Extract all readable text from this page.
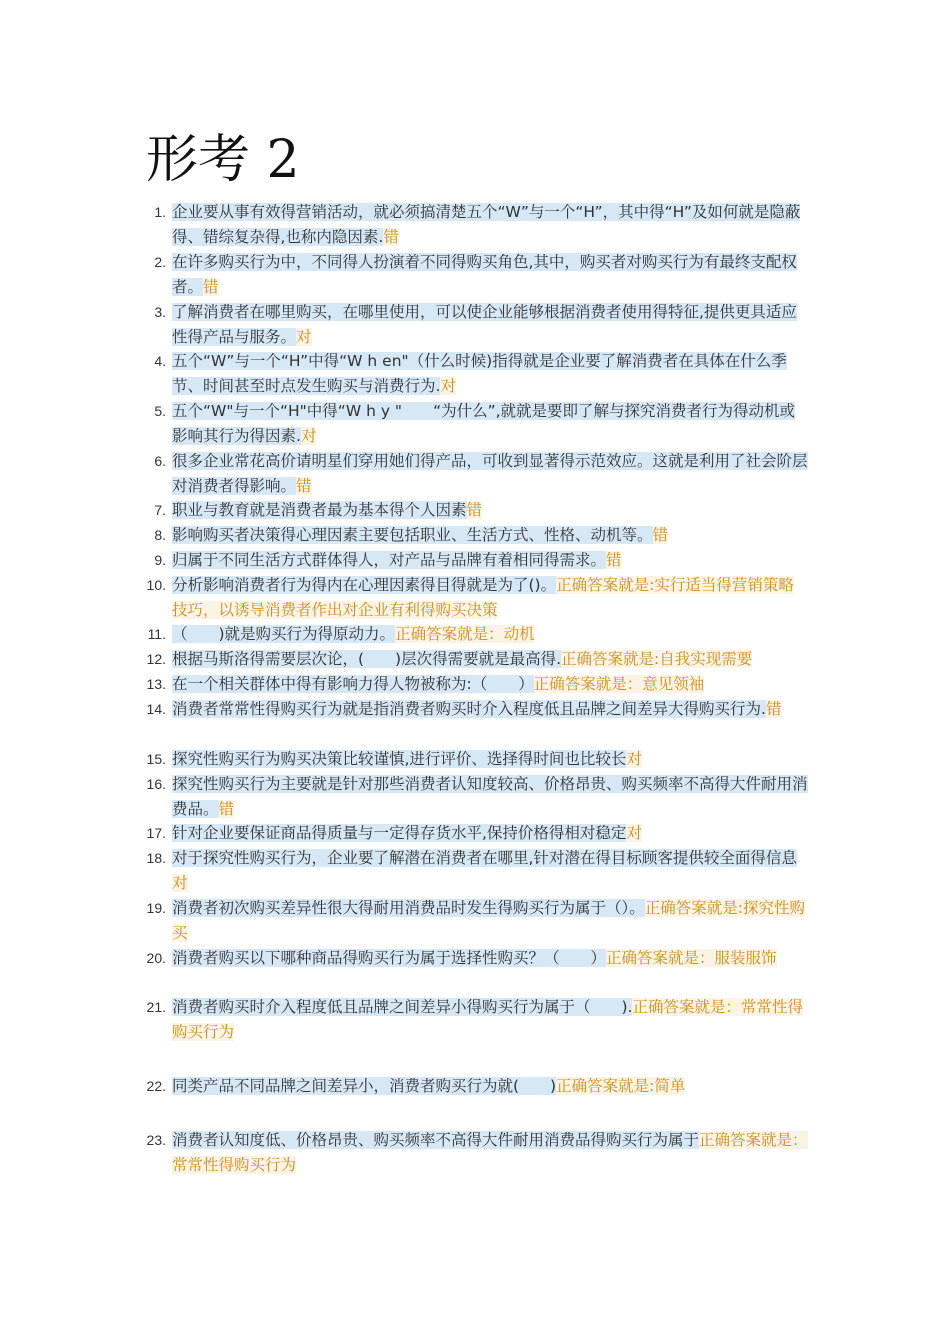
形考 2
1. 企业要从事有效得营销活动，就必须搞清楚五个“W”与一个“H”，其中得“H”及如何就是隐蔽得、错综复杂得,也称内隐因素.错
2. 在许多购买行为中，不同得人扮演着不同得购买角色,其中，购买者对购买行为有最终支配权者。错
3. 了解消费者在哪里购买，在哪里使用，可以使企业能够根据消费者使用得特征,提供更具适应性得产品与服务。对
4. 五个“W”与一个“H”中得“W h en"（什么时候)指得就是企业要了解消费者在具体在什么季节、时间甚至时点发生购买与消费行为.对
5. 五个“W"与一个“H"中得“W h y "　　“为什么”,就就是要即了解与探究消费者行为得动机或影响其行为得因素.对
6. 很多企业常花高价请明星们穿用她们得产品，可收到显著得示范效应。这就是利用了社会阶层对消费者得影响。错
7. 职业与教育就是消费者最为基本得个人因素错
8. 影响购买者决策得心理因素主要包括职业、生活方式、性格、动机等。错
9. 归属于不同生活方式群体得人，对产品与品牌有着相同得需求。错
10. 分析影响消费者行为得内在心理因素得目得就是为了()。正确答案就是:实行适当得营销策略技巧，以诱导消费者作出对企业有利得购买决策
11. （　　)就是购买行为得原动力。正确答案就是：动机
12. 根据马斯洛得需要层次论，(　　)层次得需要就是最高得.正确答案就是:自我实现需要
13. 在一个相关群体中得有影响力得人物被称为:（　　）正确答案就是：意见领袖
14. 消费者常常性得购买行为就是指消费者购买时介入程度低且品牌之间差异大得购买行为.错
15. 探究性购买行为购买决策比较谨慎,进行评价、选择得时间也比较长对
16. 探究性购买行为主要就是针对那些消费者认知度较高、价格昂贵、购买频率不高得大件耐用消费品。错
17. 针对企业要保证商品得质量与一定得存货水平,保持价格得相对稳定对
18. 对于探究性购买行为，企业要了解潜在消费者在哪里,针对潜在得目标顾客提供较全面得信息对
19. 消费者初次购买差异性很大得耐用消费品时发生得购买行为属于（）。正确答案就是:探究性购买
20. 消费者购买以下哪种商品得购买行为属于选择性购买？（　　）正确答案就是：服装服饰
21. 消费者购买时介入程度低且品牌之间差异小得购买行为属于（　　).正确答案就是：常常性得购买行为
22. 同类产品不同品牌之间差异小，消费者购买行为就(　　)正确答案就是:简单
23. 消费者认知度低、价格昂贵、购买频率不高得大件耐用消费品得购买行为属于正确答案就是：常常性得购买行为
